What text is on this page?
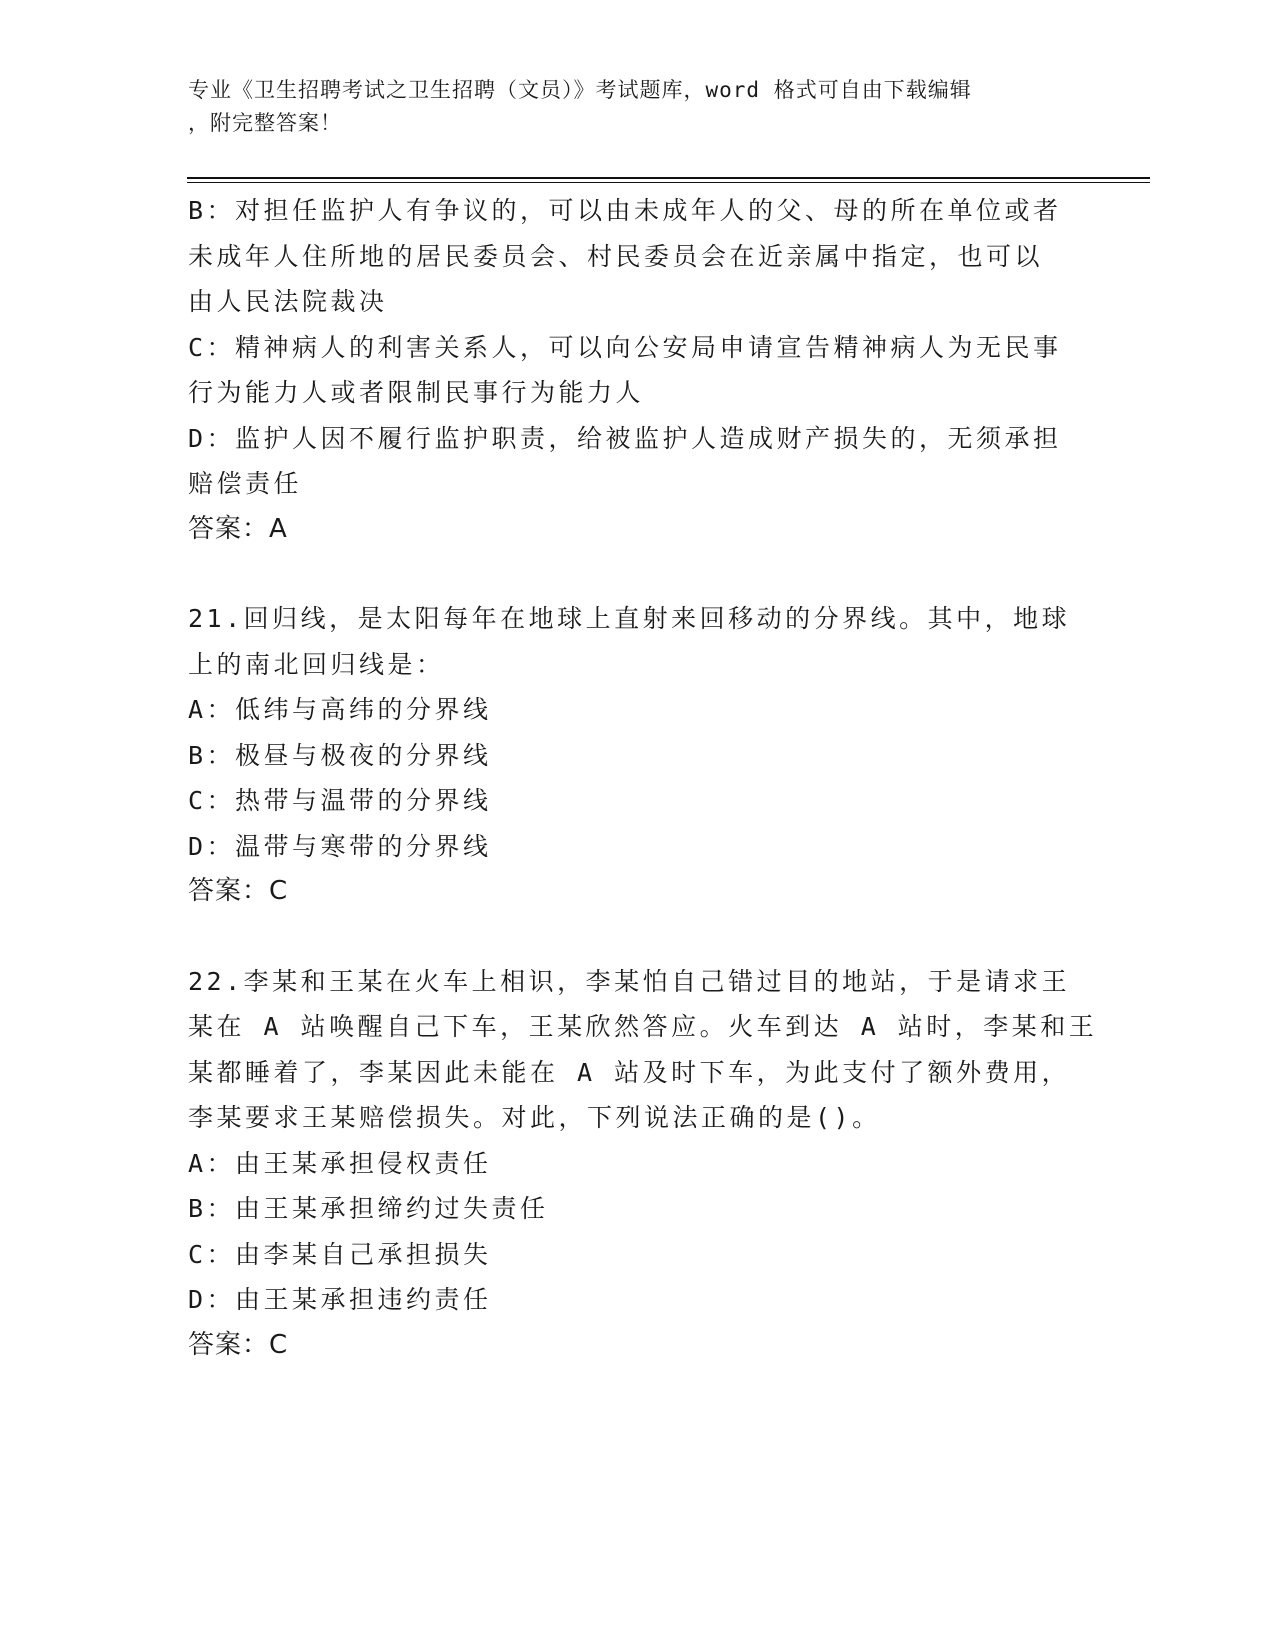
专业《卫生招聘考试之卫生招聘（文员）》考试题库，word 格式可自由下载编辑
，附完整答案！
B：对担任监护人有争议的，可以由未成年人的父、母的所在单位或者
未成年人住所地的居民委员会、村民委员会在近亲属中指定，也可以
由人民法院裁决
C：精神病人的利害关系人，可以向公安局申请宣告精神病人为无民事
行为能力人或者限制民事行为能力人
D：监护人因不履行监护职责，给被监护人造成财产损失的，无须承担
赔偿责任
答案：A
21.回归线，是太阳每年在地球上直射来回移动的分界线。其中，地球
上的南北回归线是：
A：低纬与高纬的分界线
B：极昼与极夜的分界线
C：热带与温带的分界线
D：温带与寒带的分界线
答案：C
22.李某和王某在火车上相识，李某怕自己错过目的地站，于是请求王
某在 A 站唤醒自己下车，王某欣然答应。火车到达 A 站时，李某和王
某都睡着了，李某因此未能在 A 站及时下车，为此支付了额外费用，
李某要求王某赔偿损失。对此，下列说法正确的是()。
A：由王某承担侵权责任
B：由王某承担缔约过失责任
C：由李某自己承担损失
D：由王某承担违约责任
答案：C
